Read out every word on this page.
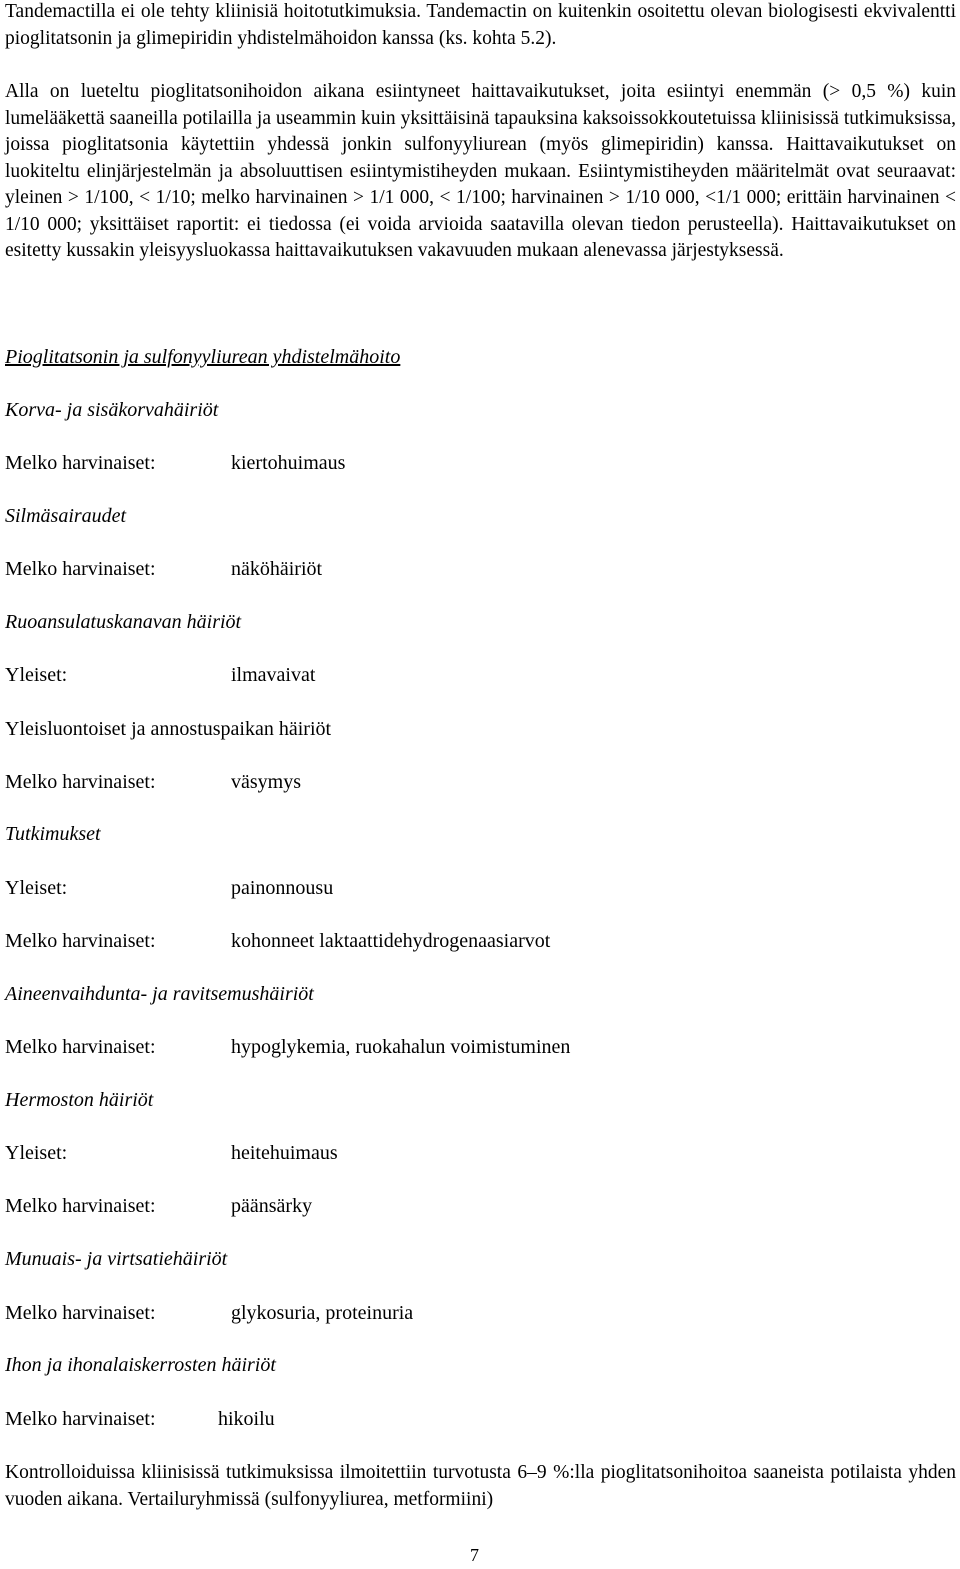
Tandemactilla ei ole tehty kliinisiä hoitotutkimuksia. Tandemactin on kuitenkin osoitettu olevan biologisesti ekvivalentti pioglitatsonin ja glimepiridin yhdistelmähoidon kanssa (ks. kohta 5.2).

Alla on lueteltu pioglitatsonihoidon aikana esiintyneet haittavaikutukset, joita esiintyi enemmän (> 0,5 %) kuin lumelääkettä saaneilla potilailla ja useammin kuin yksittäisinä tapauksina kaksoissokkoutetuissa kliinisissä tutkimuksissa, joissa pioglitatsonia käytettiin yhdessä jonkin sulfonyyliurean (myös glimepiridin) kanssa. Haittavaikutukset on luokiteltu elinjärjestelmän ja absoluuttisen esiintymistiheyden mukaan. Esiintymistiheyden määritelmät ovat seuraavat: yleinen > 1/100, < 1/10; melko harvinainen > 1/1 000, < 1/100; harvinainen > 1/10 000, <1/1 000; erittäin harvinainen < 1/10 000; yksittäiset raportit: ei tiedossa (ei voida arvioida saatavilla olevan tiedon perusteella). Haittavaikutukset on esitetty kussakin yleisyysluokassa haittavaikutuksen vakavuuden mukaan alenevassa järjestyksessä.

Pioglitatsonin ja sulfonyyliurean yhdistelmähoito
Korva- ja sisäkorvahäiriöt
Melko harvinaiset:	kiertohuimaus
Silmäsairaudet
Melko harvinaiset:	näköhäiriöt
Ruoansulatuskanavan häiriöt
Yleiset:	ilmavaivat
Yleisluontoiset ja annostuspaikan häiriöt
Melko harvinaiset:	väsymys
Tutkimukset
Yleiset:	painonnousu
Melko harvinaiset:	kohonneet laktaattidehydrogenaasiarvot
Aineenvaihdunta- ja ravitsemushäiriöt
Melko harvinaiset:	hypoglykemia, ruokahalun voimistuminen
Hermoston häiriöt
Yleiset:	heitehuimaus
Melko harvinaiset:	päänsärky
Munuais- ja virtsatiehäiriöt
Melko harvinaiset:	glykosuria, proteinuria
Ihon ja ihonalaiskerrosten häiriöt
Melko harvinaiset:	hikoilu

Kontrolloiduissa kliinisissä tutkimuksissa ilmoitettiin turvotusta 6–9 %:lla pioglitatsonihoitoa saaneista potilaista yhden vuoden aikana. Vertailuryhmissä (sulfonyyliurea, metformiini)

7
